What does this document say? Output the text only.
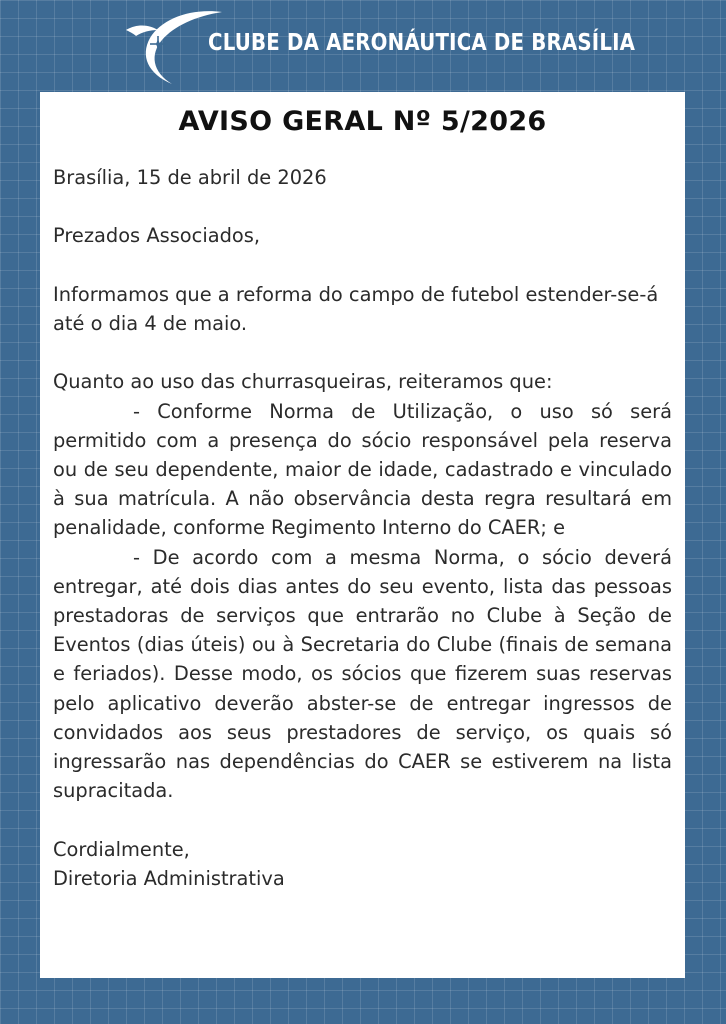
CLUBE DA AERONÁUTICA DE BRASÍLIA
AVISO GERAL Nº 5/2026

Brasília, 15 de abril de 2026

Prezados Associados,

Informamos que a reforma do campo de futebol estender-se-á até o dia 4 de maio.

Quanto ao uso das churrasqueiras, reiteramos que:

- Conforme Norma de Utilização, o uso só será permitido com a presença do sócio responsável pela reserva ou de seu dependente, maior de idade, cadastrado e vinculado à sua matrícula. A não observância desta regra resultará em penalidade, conforme Regimento Interno do CAER; e

- De acordo com a mesma Norma, o sócio deverá entregar, até dois dias antes do seu evento, lista das pessoas prestadoras de serviços que entrarão no Clube à Seção de Eventos (dias úteis) ou à Secretaria do Clube (finais de semana e feriados). Desse modo, os sócios que fizerem suas reservas pelo aplicativo deverão abster-se de entregar ingressos de convidados aos seus prestadores de serviço, os quais só ingressarão nas dependências do CAER se estiverem na lista supracitada.

Cordialmente,

Diretoria Administrativa
